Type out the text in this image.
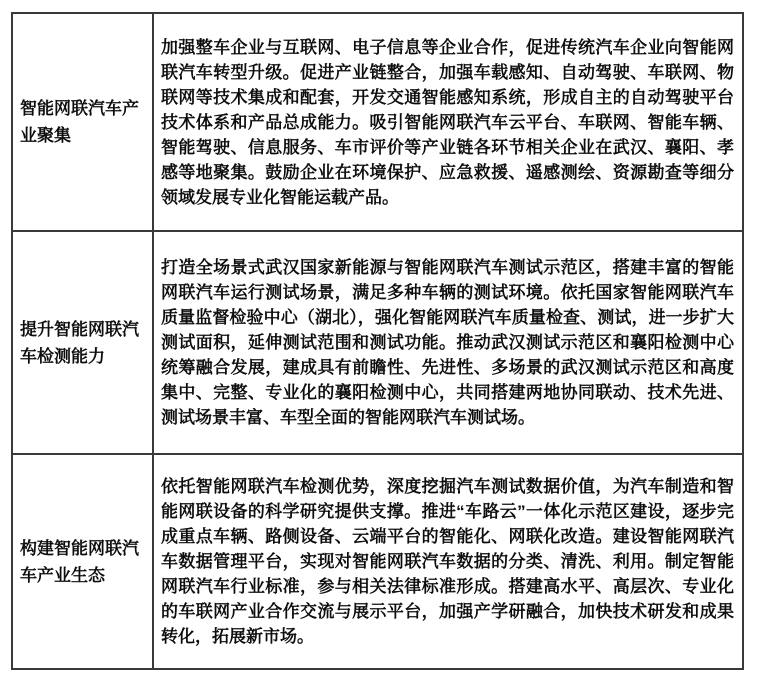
智能网联汽车产业聚集	加强整车企业与互联网、电子信息等企业合作，促进传统汽车企业向智能网联汽车转型升级。促进产业链整合，加强车载感知、自动驾驶、车联网、物联网等技术集成和配套，开发交通智能感知系统，形成自主的自动驾驶平台技术体系和产品总成能力。吸引智能网联汽车云平台、车联网、智能车辆、智能驾驶、信息服务、车市评价等产业链各环节相关企业在武汉、襄阳、孝感等地聚集。鼓励企业在环境保护、应急救援、遥感测绘、资源勘查等细分领域发展专业化智能运载产品。
提升智能网联汽车检测能力	打造全场景式武汉国家新能源与智能网联汽车测试示范区，搭建丰富的智能网联汽车运行测试场景，满足多种车辆的测试环境。依托国家智能网联汽车质量监督检验中心（湖北），强化智能网联汽车质量检查、测试，进一步扩大测试面积，延伸测试范围和测试功能。推动武汉测试示范区和襄阳检测中心统筹融合发展，建成具有前瞻性、先进性、多场景的武汉测试示范区和高度集中、完整、专业化的襄阳检测中心，共同搭建两地协同联动、技术先进、测试场景丰富、车型全面的智能网联汽车测试场。
构建智能网联汽车产业生态	依托智能网联汽车检测优势，深度挖掘汽车测试数据价值，为汽车制造和智能网联设备的科学研究提供支撑。推进“车路云”一体化示范区建设，逐步完成重点车辆、路侧设备、云端平台的智能化、网联化改造。建设智能网联汽车数据管理平台，实现对智能网联汽车数据的分类、清洗、利用。制定智能网联汽车行业标准，参与相关法律标准形成。搭建高水平、高层次、专业化的车联网产业合作交流与展示平台，加强产学研融合，加快技术研发和成果转化，拓展新市场。
